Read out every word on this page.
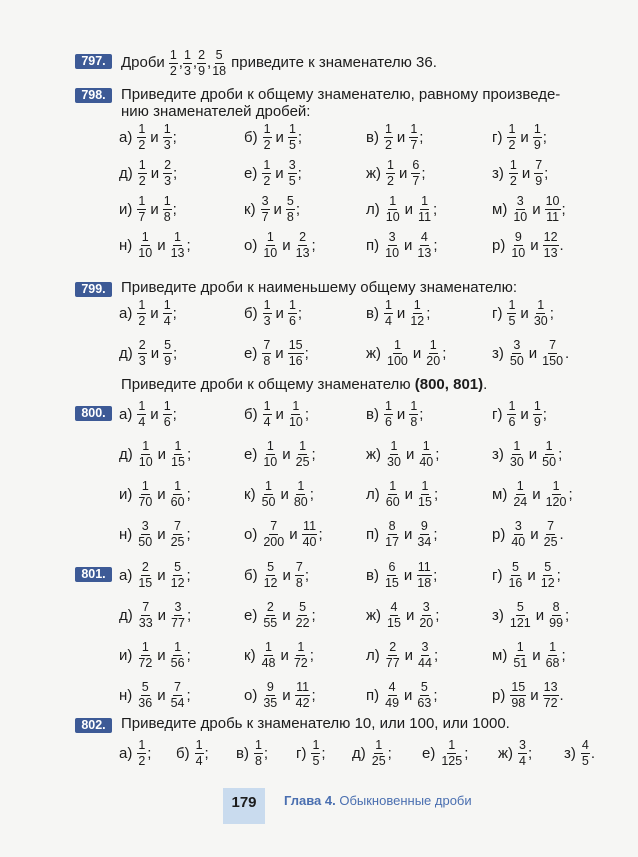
797.	Дроби $\frac{1}{2}$ , $\frac{1}{3}$ , $\frac{2}{9}$ , $\frac{5}{18}$ приведите к знаменателю 36.
798.	Приведите дроби к общему знаменателю, равному произведе-
нию знаменателей дробей:
$а) \frac{1}{2}$ и $\frac{1}{3}$ ;	$б) \frac{1}{2}$ и $\frac{1}{5}$ ;	$в) \frac{1}{2}$ и $\frac{1}{7}$ ;	$г) \frac{1}{2}$ и $\frac{1}{9}$ ;
$д) \frac{1}{2}$ и $\frac{2}{3}$ ;	$е) \frac{1}{2}$ и $\frac{3}{5}$ ;	$ж) \frac{1}{2}$ и $\frac{6}{7}$ ;	$з) \frac{1}{2}$ и $\frac{7}{9}$ ;
$и) \frac{1}{7}$ и $\frac{1}{8}$ ;	$к) \frac{3}{7}$ и $\frac{5}{8}$ ;	$л) \frac{1}{10}$ и $\frac{1}{11}$ ;	$м) \frac{3}{10}$ и $\frac{10}{11}$ ;
$н) \frac{1}{10}$ и $\frac{1}{13}$ ;	$о) \frac{1}{10}$ и $\frac{2}{13}$ ;	$п) \frac{3}{10}$ и $\frac{4}{13}$ ;	$р) \frac{9}{10}$ и $\frac{12}{13}$ .
799.	Приведите дроби к наименьшему общему знаменателю:
$а) \frac{1}{2}$ и $\frac{1}{4}$ ;	$б) \frac{1}{3}$ и $\frac{1}{6}$ ;	$в) \frac{1}{4}$ и $\frac{1}{12}$ ;	$г) \frac{1}{5}$ и $\frac{1}{30}$ ;
$д) \frac{2}{3}$ и $\frac{5}{9}$ ;	$е) \frac{7}{8}$ и $\frac{15}{16}$ ;	$ж) \frac{1}{100}$ и $\frac{1}{20}$ ;	$з) \frac{3}{50}$ и $\frac{7}{150}$ .
Приведите дроби к общему знаменателю (800, 801).
800. $а) \frac{1}{4}$ и $\frac{1}{6}$ ;	$б) \frac{1}{4}$ и $\frac{1}{10}$ ;	$в) \frac{1}{6}$ и $\frac{1}{8}$ ;	$г) \frac{1}{6}$ и $\frac{1}{9}$ ;
$д) \frac{1}{10}$ и $\frac{1}{15}$ ;	$е) \frac{1}{10}$ и $\frac{1}{25}$ ;	$ж) \frac{1}{30}$ и $\frac{1}{40}$ ;	$з) \frac{1}{30}$ и $\frac{1}{50}$ ;
$и) \frac{1}{70}$ и $\frac{1}{60}$ ;	$к) \frac{1}{50}$ и $\frac{1}{80}$ ;	$л) \frac{1}{60}$ и $\frac{1}{15}$ ;	$м) \frac{1}{24}$ и $\frac{1}{120}$ ;
$н) \frac{3}{50}$ и $\frac{7}{25}$ ;	$о) \frac{7}{200}$ и $\frac{11}{40}$ ;	$п) \frac{8}{17}$ и $\frac{9}{34}$ ;	$р) \frac{3}{40}$ и $\frac{7}{25}$ .
801. $а) \frac{2}{15}$ и $\frac{5}{12}$ ;	$б) \frac{5}{12}$ и $\frac{7}{8}$ ;	$в) \frac{6}{15}$ и $\frac{11}{18}$ ;	$г) \frac{5}{16}$ и $\frac{5}{12}$ ;
$д) \frac{7}{33}$ и $\frac{3}{77}$ ;	$е) \frac{2}{55}$ и $\frac{5}{22}$ ;	$ж) \frac{4}{15}$ и $\frac{3}{20}$ ;	$з) \frac{5}{121}$ и $\frac{8}{99}$ ;
$и) \frac{1}{72}$ и $\frac{1}{56}$ ;	$к) \frac{1}{48}$ и $\frac{1}{72}$ ;	$л) \frac{2}{77}$ и $\frac{3}{44}$ ;	$м) \frac{1}{51}$ и $\frac{1}{68}$ ;
$н) \frac{5}{36}$ и $\frac{7}{54}$ ;	$о) \frac{9}{35}$ и $\frac{11}{42}$ ;	$п) \frac{4}{49}$ и $\frac{5}{63}$ ;	$р) \frac{15}{98}$ и $\frac{13}{72}$ .
802.	Приведите дробь к знаменателю 10, или 100, или 1000.
$а) \frac{1}{2}$ ; $б) \frac{1}{4}$ ; $в) \frac{1}{8}$ ; $г) \frac{1}{5}$ ; $д) \frac{1}{25}$ ; $е) \frac{1}{125}$ ; $ж) \frac{3}{4}$ ; $з) \frac{4}{5}$ .
179	Глава 4. Обыкновенные дроби
